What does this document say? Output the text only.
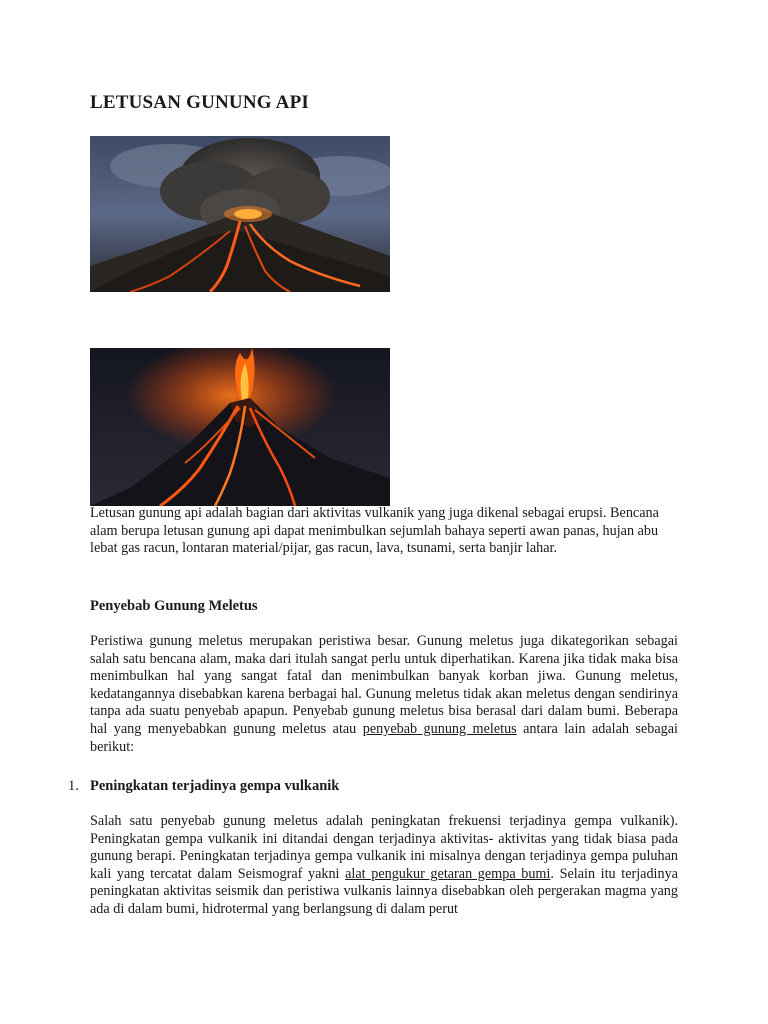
LETUSAN GUNUNG API

Letusan gunung api adalah bagian dari aktivitas vulkanik yang juga dikenal sebagai erupsi. Bencana alam berupa letusan gunung api dapat menimbulkan sejumlah bahaya seperti awan panas, hujan abu lebat gas racun, lontaran material/pijar, gas racun, lava, tsunami, serta banjir lahar.

Penyebab Gunung Meletus

Peristiwa gunung meletus merupakan peristiwa besar. Gunung meletus juga dikategorikan sebagai salah satu bencana alam, maka dari itulah sangat perlu untuk diperhatikan. Karena jika tidak maka bisa menimbulkan hal yang sangat fatal dan menimbulkan banyak korban jiwa. Gunung meletus, kedatangannya disebabkan karena berbagai hal. Gunung meletus tidak akan meletus dengan sendirinya tanpa ada suatu penyebab apapun. Penyebab gunung meletus bisa berasal dari dalam bumi. Beberapa hal yang menyebabkan gunung meletus atau penyebab gunung meletus antara lain adalah sebagai berikut:

1. Peningkatan terjadinya gempa vulkanik

Salah satu penyebab gunung meletus adalah peningkatan frekuensi terjadinya gempa vulkanik). Peningkatan gempa vulkanik ini ditandai dengan terjadinya aktivitas- aktivitas yang tidak biasa pada gunung berapi. Peningkatan terjadinya gempa vulkanik ini misalnya dengan terjadinya gempa puluhan kali yang tercatat dalam Seismograf yakni alat pengukur getaran gempa bumi. Selain itu terjadinya peningkatan aktivitas seismik dan peristiwa vulkanis lainnya disebabkan oleh pergerakan magma yang ada di dalam bumi, hidrotermal yang berlangsung di dalam perut
